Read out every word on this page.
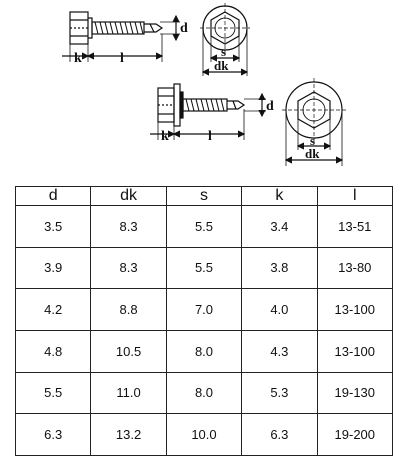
k	l
d
s
dk
k	l
d
s
dk
d	dk	s	k	l
3.5	8.3	5.5	3.4	13-51
3.9	8.3	5.5	3.8	13-80
4.2	8.8	7.0	4.0	13-100
4.8	10.5	8.0	4.3	13-100
5.5	11.0	8.0	5.3	19-130
6.3	13.2	10.0	6.3	19-200
